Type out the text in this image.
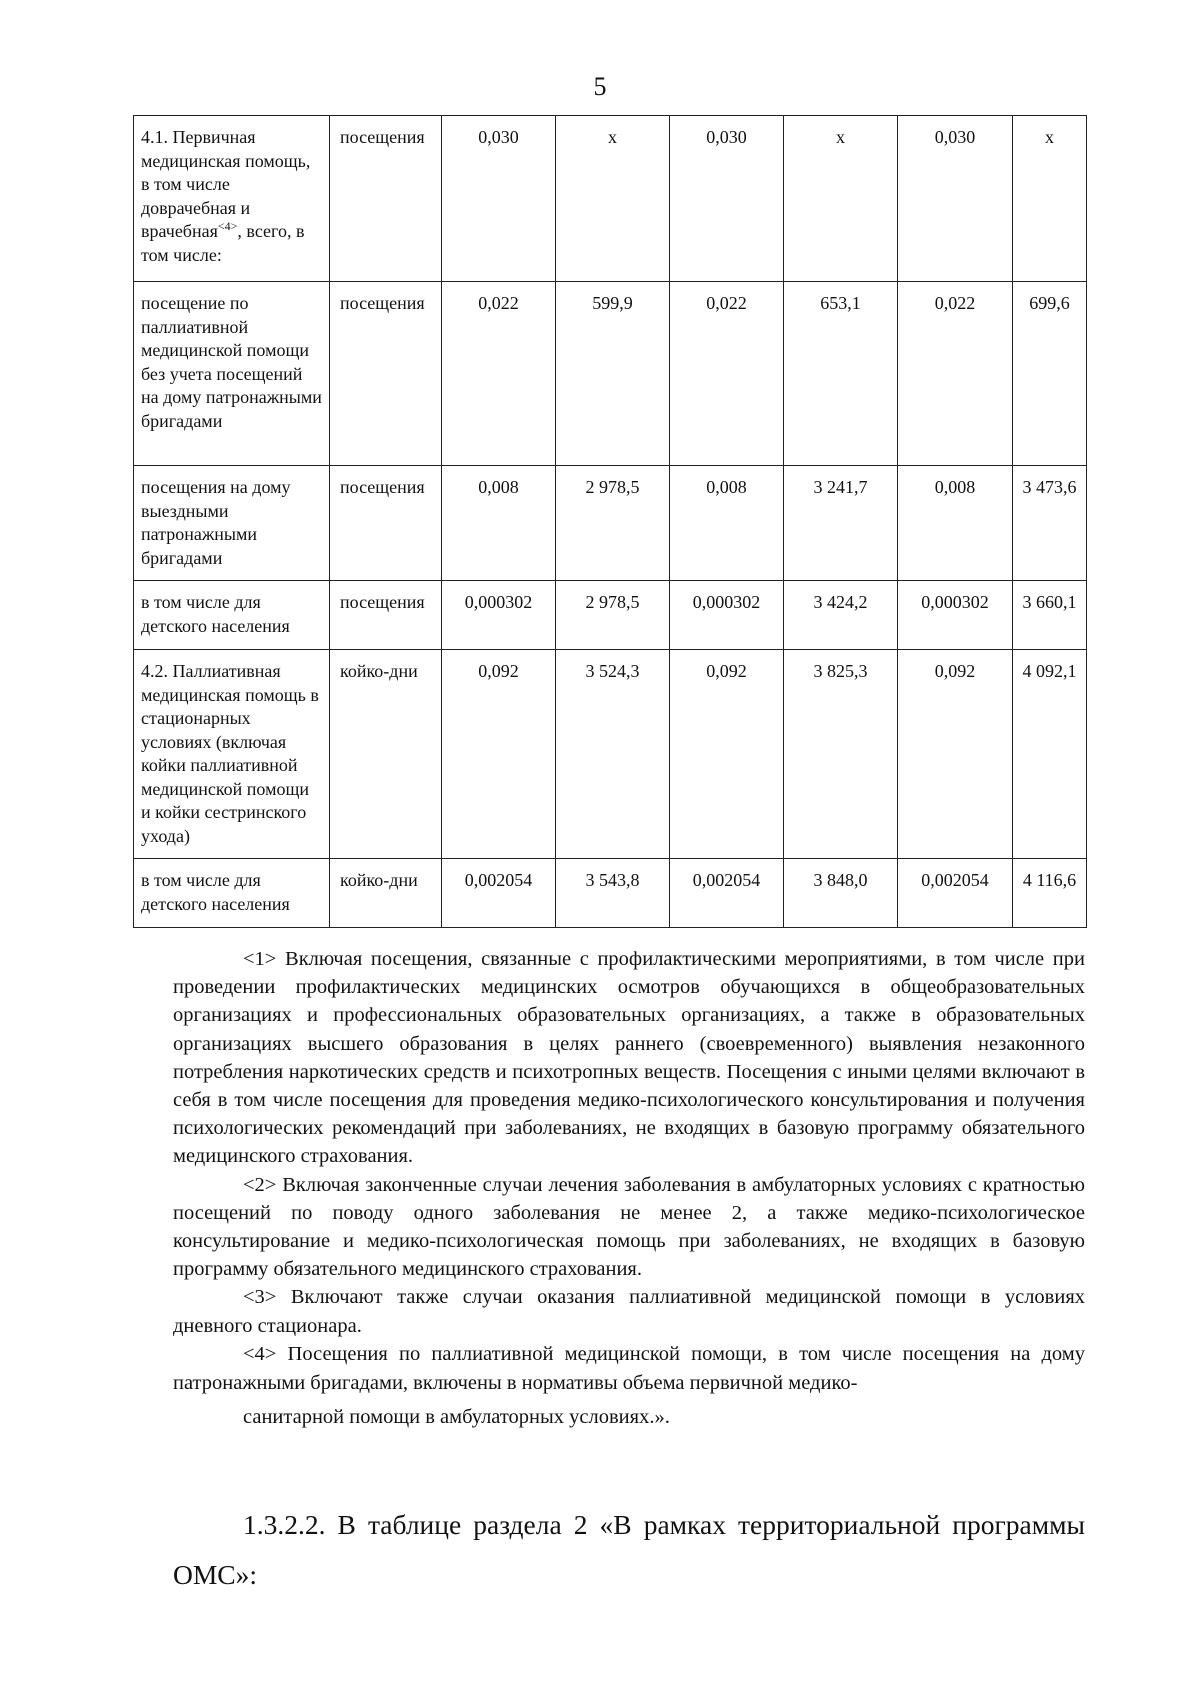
5
4.1. Первичная медицинская помощь, в том числе доврачебная и врачебная$^{<4>}$, всего, в том числе:	посещения	0,030	х	0,030	х	0,030	х
посещение по паллиативной медицинской помощи без учета посещений на дому патронажными бригадами	посещения	0,022	599,9	0,022	653,1	0,022	699,6
посещения на дому выездными патронажными бригадами	посещения	0,008	2 978,5	0,008	3 241,7	0,008	3 473,6
в том числе для детского населения	посещения	0,000302	2 978,5	0,000302	3 424,2	0,000302	3 660,1
4.2. Паллиативная медицинская помощь в стационарных условиях (включая койки паллиативной медицинской помощи и койки сестринского ухода)	койко-дни	0,092	3 524,3	0,092	3 825,3	0,092	4 092,1
в том числе для детского населения	койко-дни	0,002054	3 543,8	0,002054	3 848,0	0,002054	4 116,6

<1> Включая посещения, связанные с профилактическими мероприятиями, в том числе при проведении профилактических медицинских осмотров обучающихся в общеобразовательных организациях и профессиональных образовательных организациях, а также в образовательных организациях высшего образования в целях раннего (своевременного) выявления незаконного потребления наркотических средств и психотропных веществ. Посещения с иными целями включают в себя в том числе посещения для проведения медико-психологического консультирования и получения психологических рекомендаций при заболеваниях, не входящих в базовую программу обязательного медицинского страхования.

<2> Включая законченные случаи лечения заболевания в амбулаторных условиях с кратностью посещений по поводу одного заболевания не менее 2, а также медико-психологическое консультирование и медико-психологическая помощь при заболеваниях, не входящих в базовую программу обязательного медицинского страхования.

<3> Включают также случаи оказания паллиативной медицинской помощи в условиях дневного стационара.

<4> Посещения по паллиативной медицинской помощи, в том числе посещения на дому патронажными бригадами, включены в нормативы объема первичной медико-
санитарной помощи в амбулаторных условиях.».

1.3.2.2. В таблице раздела 2 «В рамках территориальной программы ОМС»:
